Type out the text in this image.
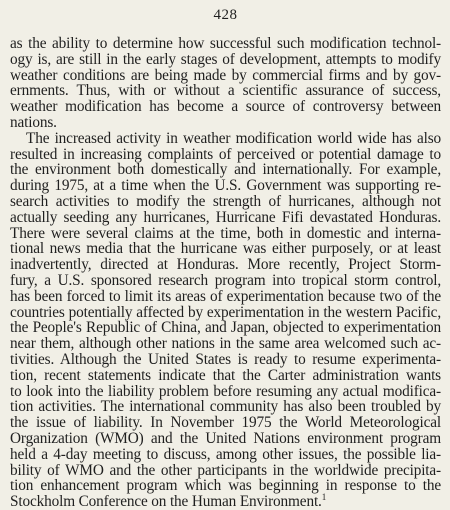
428
as the ability to determine how successful such modification technol-
ogy is, are still in the early stages of development, attempts to modify
weather conditions are being made by commercial firms and by gov-
ernments. Thus, with or without a scientific assurance of success,
weather modification has become a source of controversy between
nations.
The increased activity in weather modification world wide has also
resulted in increasing complaints of perceived or potential damage to
the environment both domestically and internationally. For example,
during 1975, at a time when the U.S. Government was supporting re-
search activities to modify the strength of hurricanes, although not
actually seeding any hurricanes, Hurricane Fifi devastated Honduras.
There were several claims at the time, both in domestic and interna-
tional news media that the hurricane was either purposely, or at least
inadvertently, directed at Honduras. More recently, Project Storm-
fury, a U.S. sponsored research program into tropical storm control,
has been forced to limit its areas of experimentation because two of the
countries potentially affected by experimentation in the western Pacific,
the People's Republic of China, and Japan, objected to experimentation
near them, although other nations in the same area welcomed such ac-
tivities. Although the United States is ready to resume experimenta-
tion, recent statements indicate that the Carter administration wants
to look into the liability problem before resuming any actual modifica-
tion activities. The international community has also been troubled by
the issue of liability. In November 1975 the World Meteorological
Organization (WMO) and the United Nations environment program
held a 4-day meeting to discuss, among other issues, the possible lia-
bility of WMO and the other participants in the worldwide precipita-
tion enhancement program which was beginning in response to the
Stockholm Conference on the Human Environment.$^1$
